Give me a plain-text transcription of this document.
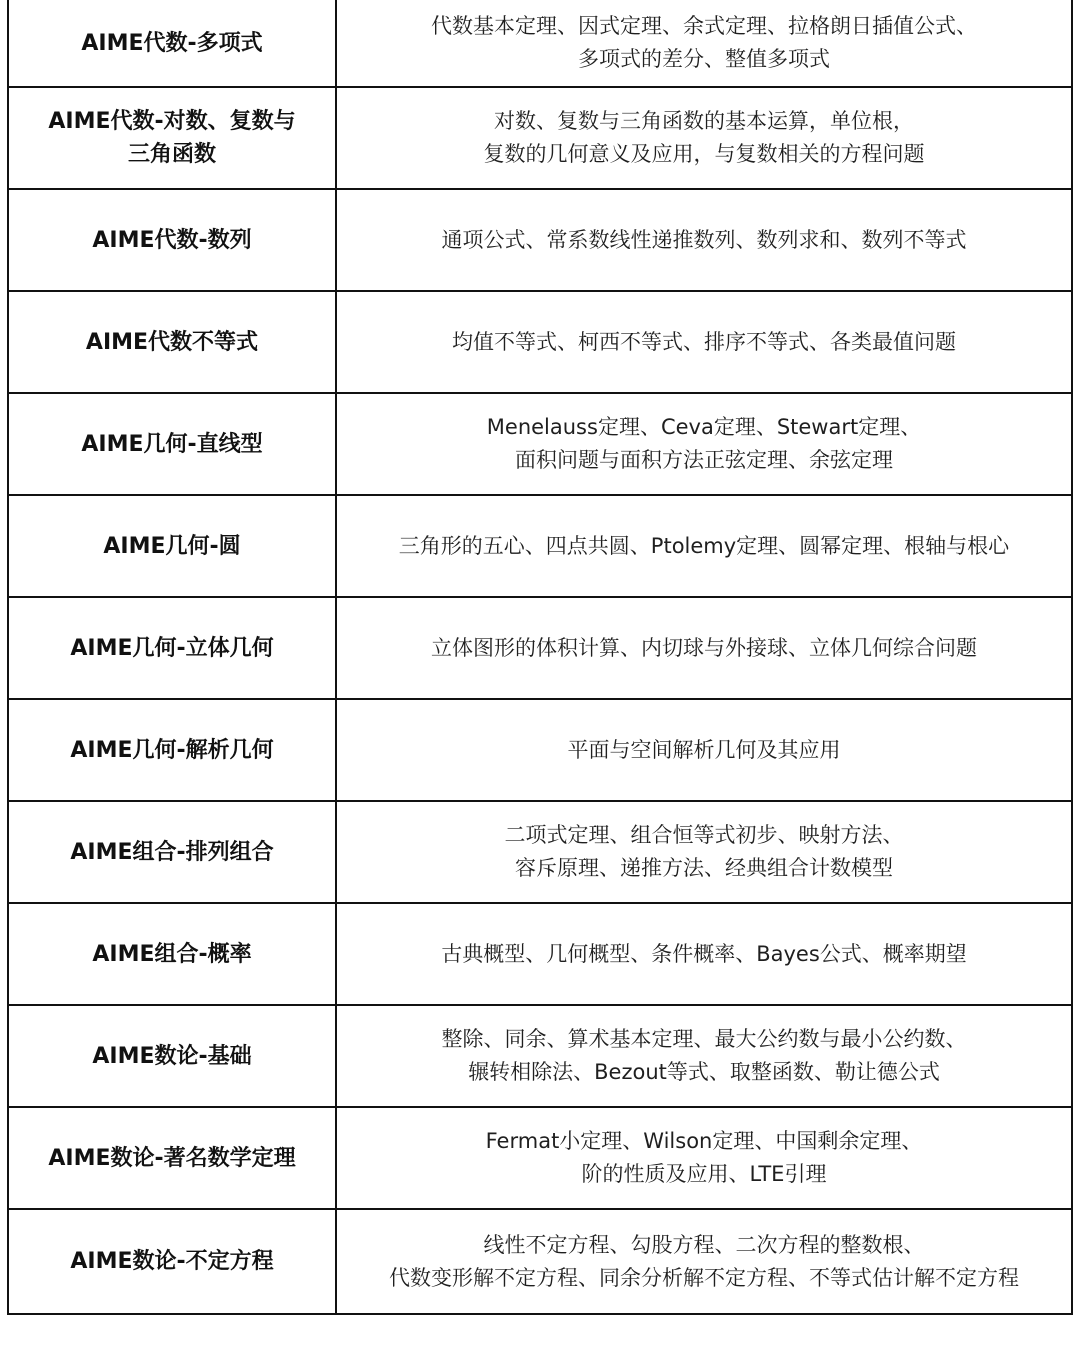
AIME代数-多项式	代数基本定理、因式定理、余式定理、拉格朗日插值公式、
多项式的差分、整值多项式

AIME代数-对数、复数与
三角函数	对数、复数与三角函数的基本运算，单位根，
复数的几何意义及应用，与复数相关的方程问题

AIME代数-数列	通项公式、常系数线性递推数列、数列求和、数列不等式

AIME代数不等式	均值不等式、柯西不等式、排序不等式、各类最值问题

AIME几何-直线型	Menelauss定理、Ceva定理、Stewart定理、
面积问题与面积方法正弦定理、余弦定理

AIME几何-圆	三角形的五心、四点共圆、Ptolemy定理、圆幂定理、根轴与根心

AIME几何-立体几何	立体图形的体积计算、内切球与外接球、立体几何综合问题

AIME几何-解析几何	平面与空间解析几何及其应用

AIME组合-排列组合	二项式定理、组合恒等式初步、映射方法、
容斥原理、递推方法、经典组合计数模型

AIME组合-概率	古典概型、几何概型、条件概率、Bayes公式、概率期望

AIME数论-基础	整除、同余、算术基本定理、最大公约数与最小公约数、
辗转相除法、Bezout等式、取整函数、勒让德公式

AIME数论-著名数学定理	Fermat小定理、Wilson定理、中国剩余定理、
阶的性质及应用、LTE引理

AIME数论-不定方程	线性不定方程、勾股方程、二次方程的整数根、
代数变形解不定方程、同余分析解不定方程、不等式估计解不定方程
